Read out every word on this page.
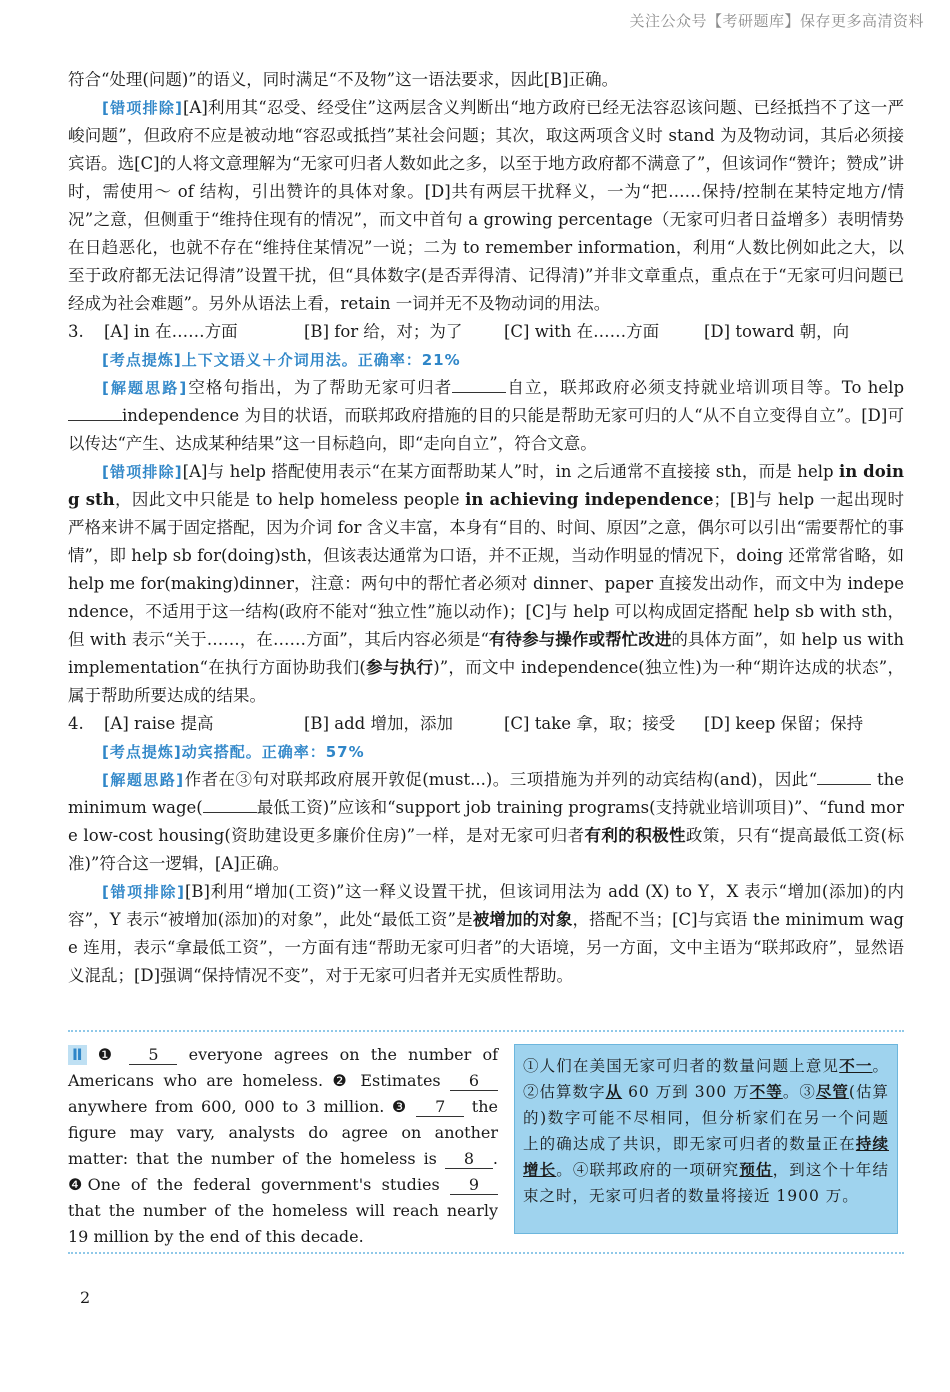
关注公众号【考研题库】保存更多高清资料

符合“处理(问题)”的语义，同时满足“不及物”这一语法要求，因此[B]正确。

[错项排除][A]利用其“忍受、经受住”这两层含义判断出“地方政府已经无法容忍该问题、已经抵挡不了这一严峻问题”，但政府不应是被动地“容忍或抵挡”某社会问题；其次，取这两项含义时 stand 为及物动词，其后必须接宾语。选[C]的人将文意理解为“无家可归者人数如此之多，以至于地方政府都不满意了”，但该词作“赞许；赞成”讲时，需使用～ of 结构，引出赞许的具体对象。[D]共有两层干扰释义，一为“把……保持/控制在某特定地方/情况”之意，但侧重于“维持住现有的情况”，而文中首句 a growing percentage（无家可归者日益增多）表明情势在日趋恶化，也就不存在“维持住某情况”一说；二为 to remember information，利用“人数比例如此之大，以至于政府都无法记得清”设置干扰，但“具体数字(是否弄得清、记得清)”并非文章重点，重点在于“无家可归问题已经成为社会难题”。另外从语法上看，retain 一词并无不及物动词的用法。

3.	[A] in 在……方面	[B] for 给，对；为了	[C] with 在……方面	[D] toward 朝，向

[考点提炼]上下文语义＋介词用法。正确率：21%

[解题思路]空格句指出，为了帮助无家可归者	自立，联邦政府必须支持就业培训项目等。To help independence 为目的状语，而联邦政府措施的目的只能是帮助无家可归的人“从不自立变得自立”。[D]可以传达“产生、达成某种结果”这一目标趋向，即“走向自立”，符合文意。

[错项排除][A]与 help 搭配使用表示“在某方面帮助某人”时，in 之后通常不直接接 sth，而是 help in doing sth，因此文中只能是 to help homeless people in achieving independence；[B]与 help 一起出现时严格来讲不属于固定搭配，因为介词 for 含义丰富，本身有“目的、时间、原因”之意，偶尔可以引出“需要帮忙的事情”，即 help sb for(doing)sth，但该表达通常为口语，并不正规，当动作明显的情况下，doing 还常常省略，如 help me for(making)dinner，注意：两句中的帮忙者必须对 dinner、paper 直接发出动作，而文中为 independence，不适用于这一结构(政府不能对“独立性”施以动作)；[C]与 help 可以构成固定搭配 help sb with sth，但 with 表示“关于……，在……方面”，其后内容必须是“有待参与操作或帮忙改进的具体方面”，如 help us with implementation“在执行方面协助我们(参与执行)”，而文中 independence(独立性)为一种“期许达成的状态”，属于帮助所要达成的结果。

4.	[A] raise 提高	[B] add 增加，添加	[C] take 拿，取；接受	[D] keep 保留；保持

[考点提炼]动宾搭配。正确率：57%

[解题思路]作者在③句对联邦政府展开敦促(must...)。三项措施为并列的动宾结构(and)，因此“	the minimum wage(	最低工资)”应该和“support job training programs(支持就业培训项目)”、“fund more low-cost housing(资助建设更多廉价住房)”一样，是对无家可归者有利的积极性政策，只有“提高最低工资(标准)”符合这一逻辑，[A]正确。

[错项排除][B]利用“增加(工资)”这一释义设置干扰，但该词用法为 add (X) to Y，X 表示“增加(添加)的内容”，Y 表示“被增加(添加)的对象”，此处“最低工资”是被增加的对象，搭配不当；[C]与宾语 the minimum wage 连用，表示“拿最低工资”，一方面有违“帮助无家可归者”的大语境，另一方面，文中主语为“联邦政府”，显然语义混乱；[D]强调“保持情况不变”，对于无家可归者并无实质性帮助。

Ⅱ ❶ 5 everyone agrees on the number of Americans who are homeless. ❷ Estimates 6 anywhere from 600, 000 to 3 million. ❸ 7 the figure may vary, analysts do agree on another matter: that the number of the homeless is 8 . ❹One of the federal government's studies 9 that the number of the homeless will reach nearly 19 million by the end of this decade.
①人们在美国无家可归者的数量问题上意见不一。②估算数字从 60 万到 300 万不等。③尽管(估算的)数字可能不尽相同，但分析家们在另一个问题上的确达成了共识，即无家可归者的数量正在持续增长。④联邦政府的一项研究预估，到这个十年结束之时，无家可归者的数量将接近 1900 万。
2
